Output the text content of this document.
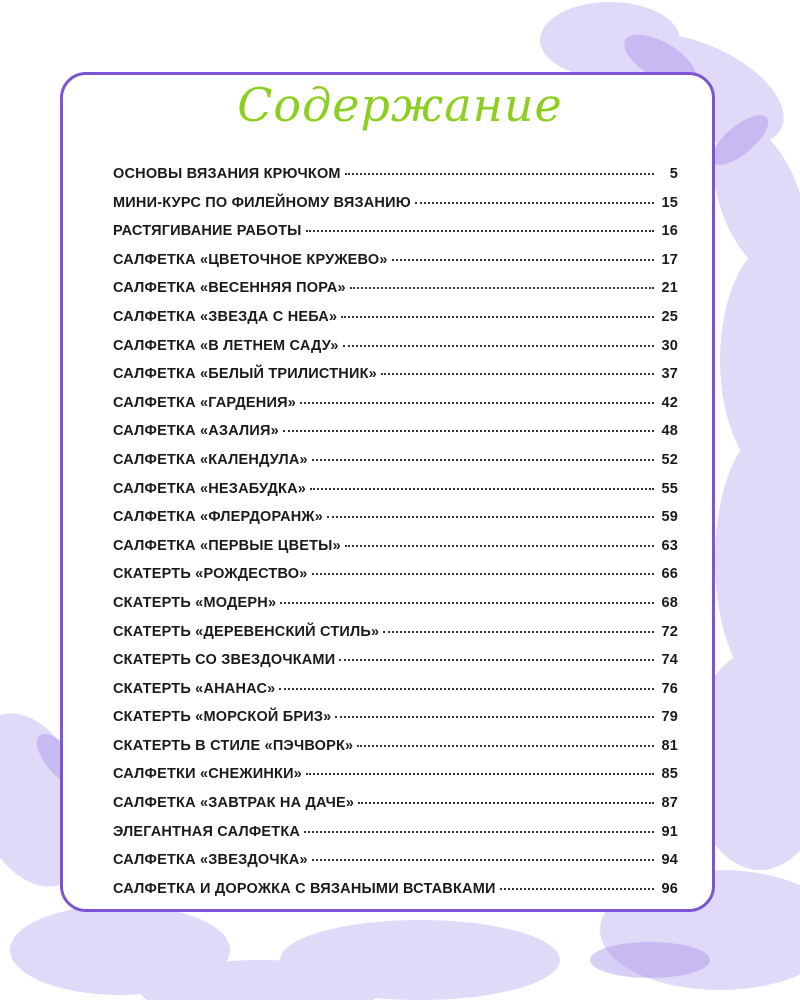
Содержание
ОСНОВЫ ВЯЗАНИЯ КРЮЧКОМ	5
МИНИ-КУРС ПО ФИЛЕЙНОМУ ВЯЗАНИЮ	15
РАСТЯГИВАНИЕ РАБОТЫ	16
САЛФЕТКА «ЦВЕТОЧНОЕ КРУЖЕВО»	17
САЛФЕТКА «ВЕСЕННЯЯ ПОРА»	21
САЛФЕТКА «ЗВЕЗДА С НЕБА»	25
САЛФЕТКА «В ЛЕТНЕМ САДУ»	30
САЛФЕТКА «БЕЛЫЙ ТРИЛИСТНИК»	37
САЛФЕТКА «ГАРДЕНИЯ»	42
САЛФЕТКА «АЗАЛИЯ»	48
САЛФЕТКА «КАЛЕНДУЛА»	52
САЛФЕТКА «НЕЗАБУДКА»	55
САЛФЕТКА «ФЛЕРДОРАНЖ»	59
САЛФЕТКА «ПЕРВЫЕ ЦВЕТЫ»	63
СКАТЕРТЬ «РОЖДЕСТВО»	66
СКАТЕРТЬ «МОДЕРН»	68
СКАТЕРТЬ «ДЕРЕВЕНСКИЙ СТИЛЬ»	72
СКАТЕРТЬ СО ЗВЕЗДОЧКАМИ	74
СКАТЕРТЬ «АНАНАС»	76
СКАТЕРТЬ «МОРСКОЙ БРИЗ»	79
СКАТЕРТЬ В СТИЛЕ «ПЭЧВОРК»	81
САЛФЕТКИ «СНЕЖИНКИ»	85
САЛФЕТКА «ЗАВТРАК НА ДАЧЕ»	87
ЭЛЕГАНТНАЯ САЛФЕТКА	91
САЛФЕТКА «ЗВЕЗДОЧКА»	94
САЛФЕТКА И ДОРОЖКА С ВЯЗАНЫМИ ВСТАВКАМИ	96
